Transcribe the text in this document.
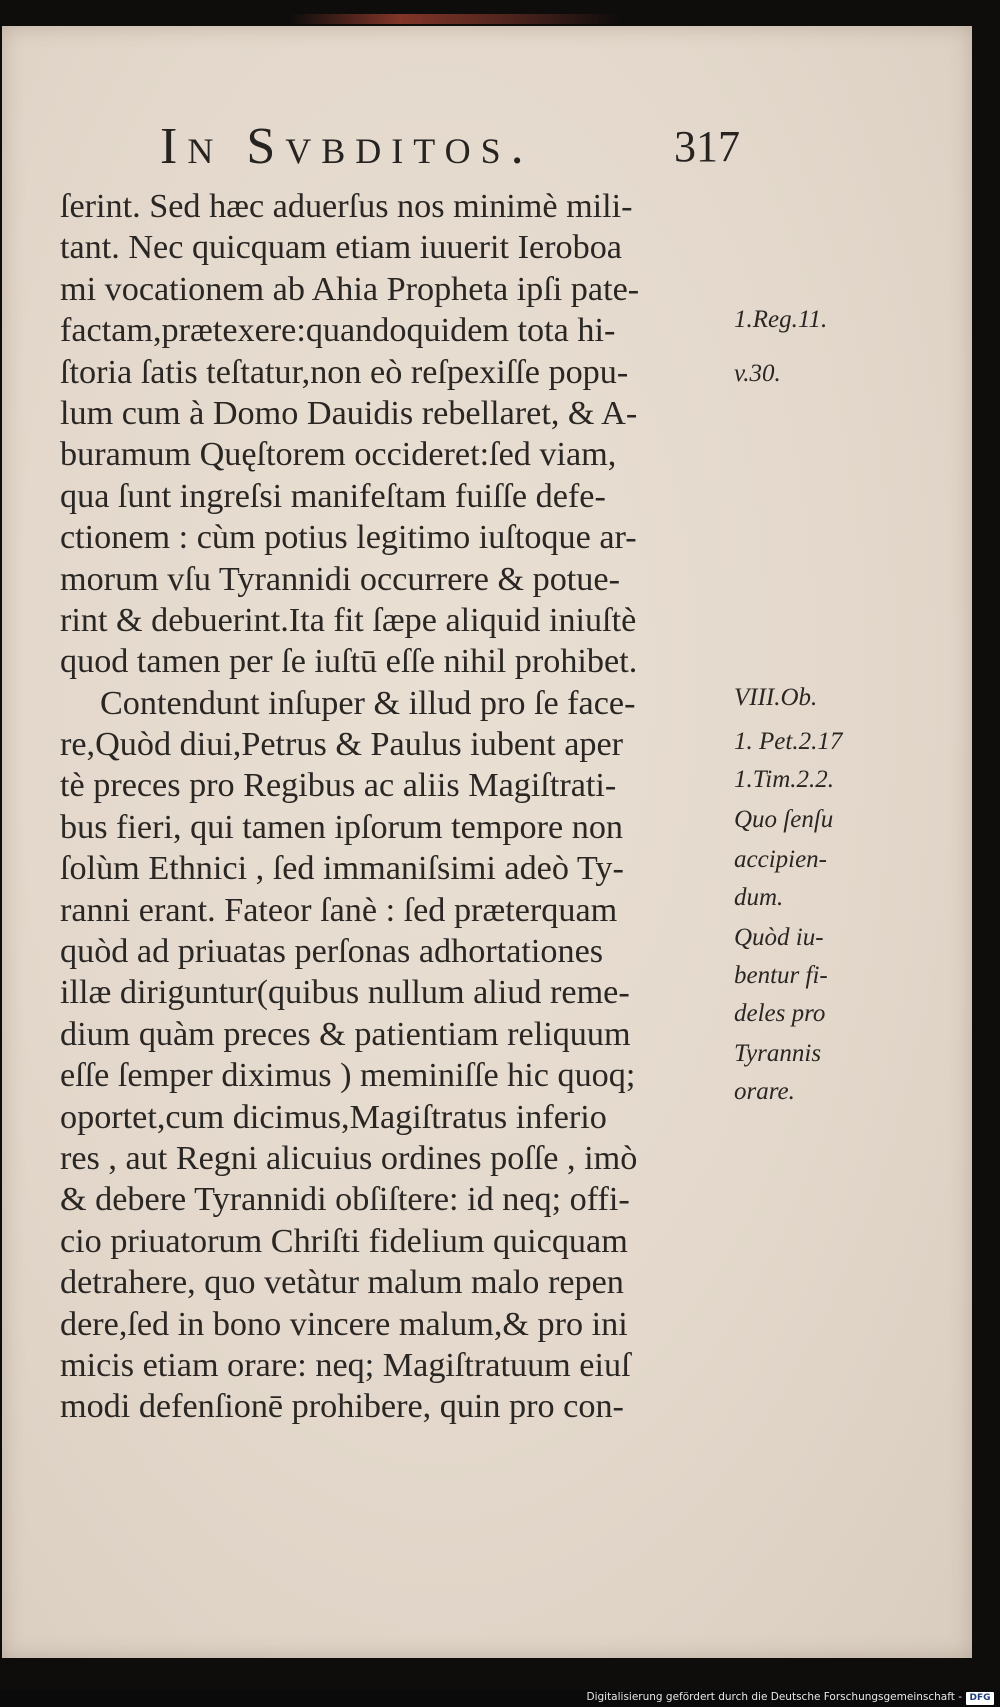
In Svbditos.	317
ſerint. Sed hæc aduerſus nos minimè mili-
tant. Nec quicquam etiam iuuerit Ieroboa
mi vocationem ab Ahia Propheta ipſi pate-
factam,prætexere:quandoquidem tota hi-
ſtoria ſatis teſtatur,non eò reſpexiſſe popu-
lum cum à Domo Dauidis rebellaret, & A-
buramum Quęſtorem occideret:ſed viam,
qua ſunt ingreſsi manifeſtam fuiſſe defe-
ctionem : cùm potius legitimo iuſtoque ar-
morum vſu Tyrannidi occurrere & potue-
rint & debuerint.Ita fit ſæpe aliquid iniuſtè
quod tamen per ſe iuſtū eſſe nihil prohibet.
Contendunt inſuper & illud pro ſe face-
re,Quòd diui,Petrus & Paulus iubent aper
tè preces pro Regibus ac aliis Magiſtrati-
bus fieri, qui tamen ipſorum tempore non
ſolùm Ethnici , ſed immaniſsimi adeò Ty-
ranni erant. Fateor ſanè : ſed præterquam
quòd ad priuatas perſonas adhortationes
illæ diriguntur(quibus nullum aliud reme-
dium quàm preces & patientiam reliquum
eſſe ſemper diximus ) meminiſſe hic quoq;
oportet,cum dicimus,Magiſtratus inferio
res , aut Regni alicuius ordines poſſe , imò
& debere Tyrannidi obſiſtere: id neq; offi-
cio priuatorum Chriſti fidelium quicquam
detrahere, quo vetàtur malum malo repen
dere,ſed in bono vincere malum,& pro ini
micis etiam orare: neq; Magiſtratuum eiuſ
modi defenſionē prohibere, quin pro con-
1.Reg.11.
v.30.
VIII.Ob.
1. Pet.2.17
1.Tim.2.2.
Quo ſenſu
accipien-
dum.
Quòd iu-
bentur fi-
deles pro
Tyrannis
orare.
Digitalisierung gefördert durch die Deutsche Forschungsgemeinschaft - DFG
